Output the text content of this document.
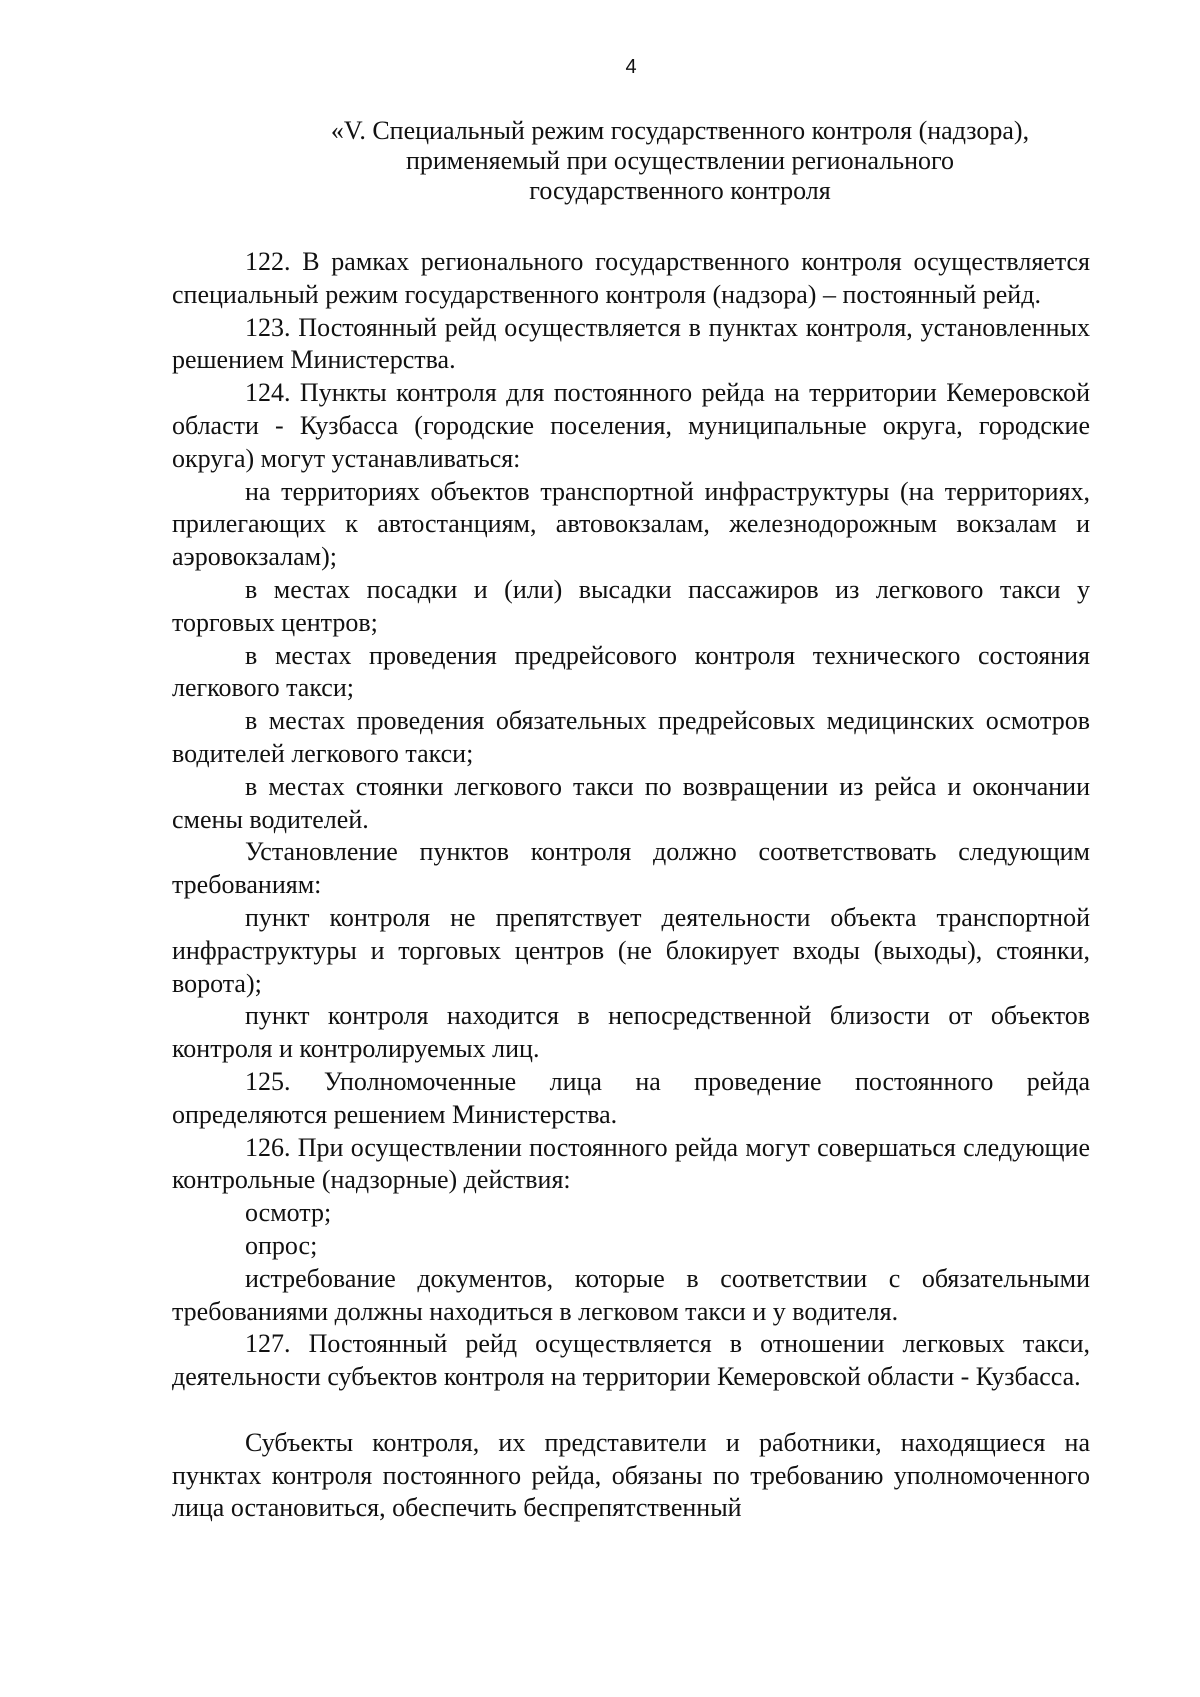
4
«V. Специальный режим государственного контроля (надзора),
применяемый при осуществлении регионального
государственного контроля

122. В рамках регионального государственного контроля осуществляется специальный режим государственного контроля (надзора) – постоянный рейд.

123. Постоянный рейд осуществляется в пунктах контроля, установленных решением Министерства.

124. Пункты контроля для постоянного рейда на территории Кемеровской области - Кузбасса (городские поселения, муниципальные округа, городские округа) могут устанавливаться:

на территориях объектов транспортной инфраструктуры (на территориях, прилегающих к автостанциям, автовокзалам, железнодорожным вокзалам и аэровокзалам);

в местах посадки и (или) высадки пассажиров из легкового такси у торговых центров;

в местах проведения предрейсового контроля технического состояния легкового такси;

в местах проведения обязательных предрейсовых медицинских осмотров водителей легкового такси;

в местах стоянки легкового такси по возвращении из рейса и окончании смены водителей.

Установление пунктов контроля должно соответствовать следующим требованиям:

пункт контроля не препятствует деятельности объекта транспортной инфраструктуры и торговых центров (не блокирует входы (выходы), стоянки, ворота);

пункт контроля находится в непосредственной близости от объектов контроля и контролируемых лиц.

125. Уполномоченные лица на проведение постоянного рейда определяются решением Министерства.

126. При осуществлении постоянного рейда могут совершаться следующие контрольные (надзорные) действия:

осмотр;

опрос;

истребование документов, которые в соответствии с обязательными требованиями должны находиться в легковом такси и у водителя.

127. Постоянный рейд осуществляется в отношении легковых такси, деятельности субъектов контроля на территории Кемеровской области - Кузбасса.

Субъекты контроля, их представители и работники, находящиеся на пунктах контроля постоянного рейда, обязаны по требованию уполномоченного лица остановиться, обеспечить беспрепятственный
